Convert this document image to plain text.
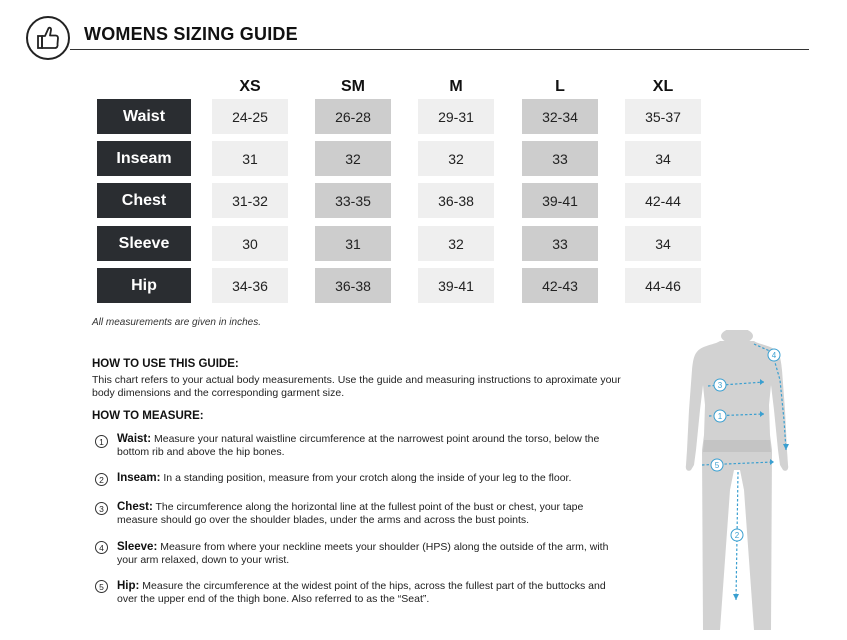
WOMENS SIZING GUIDE
XS	SM	M	L	XL
Waist	24-25	26-28	29-31	32-34	35-37
Inseam	31	32	32	33	34
Chest	31-32	33-35	36-38	39-41	42-44
Sleeve	30	31	32	33	34
Hip	34-36	36-38	39-41	42-43	44-46
All measurements are given in inches.
HOW TO USE THIS GUIDE:
This chart refers to your actual body measurements. Use the guide and measuring instructions to aproximate your body dimensions and the corresponding garment size.
HOW TO MEASURE:
1	Waist: Measure your natural waistline circumference at the narrowest point around the torso, below the bottom rib and above the hip bones.
2	Inseam: In a standing position, measure from your crotch along the inside of your leg to the floor.
3	Chest: The circumference along the horizontal line at the fullest point of the bust or chest, your tape measure should go over the shoulder blades, under the arms and across the bust points.
4	Sleeve: Measure from where your neckline meets your shoulder (HPS) along the outside of the arm, with your arm relaxed, down to your wrist.
5	Hip: Measure the circumference at the widest point of the hips, across the fullest part of the buttocks and over the upper end of the thigh bone. Also referred to as the “Seat”.
4
3
1
5
2
